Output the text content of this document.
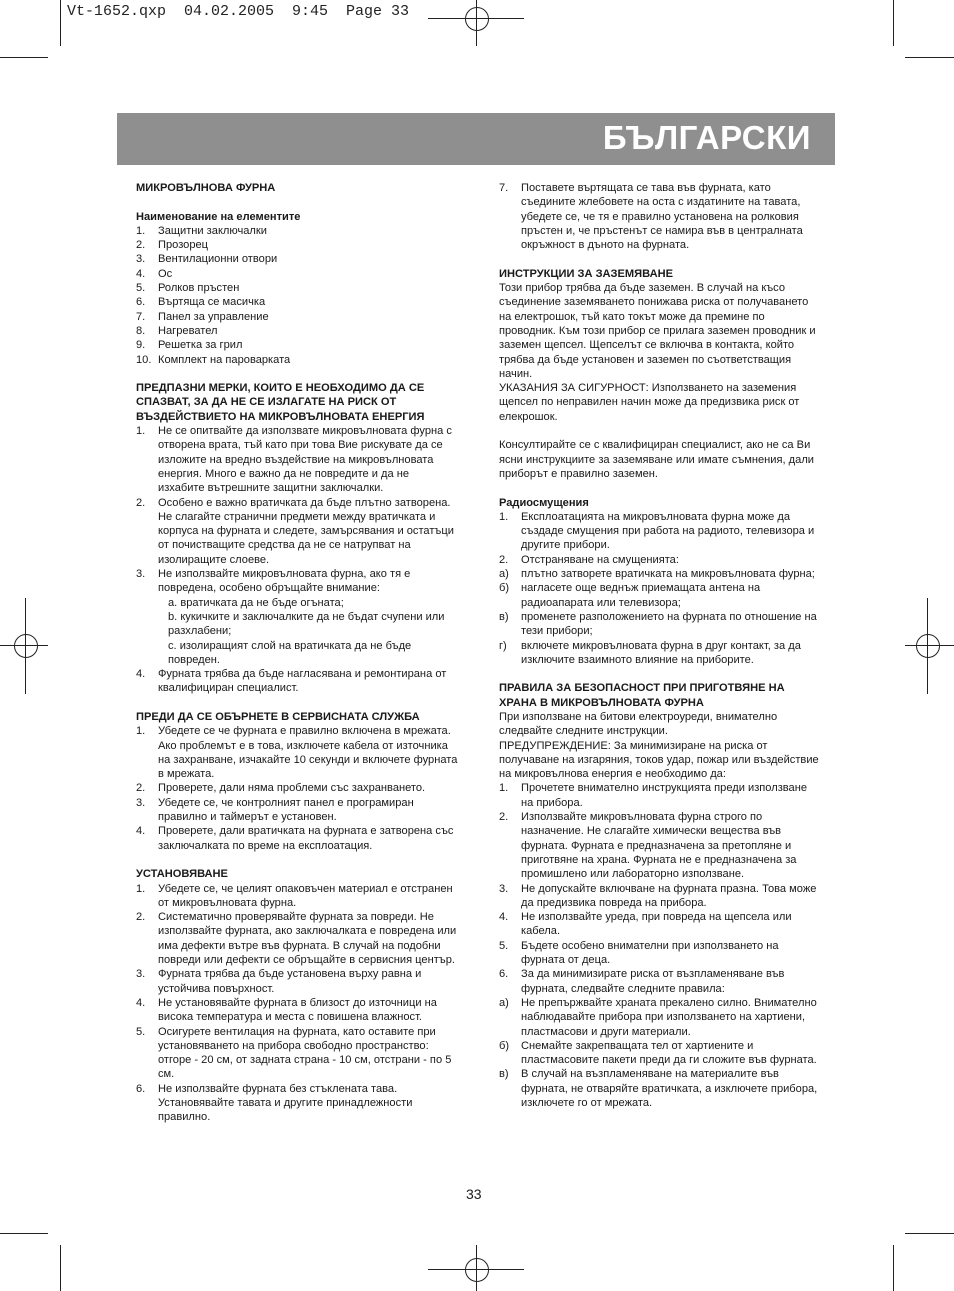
Vt-1652.qxp  04.02.2005  9:45  Page 33
БЪЛГАРСКИ
МИКРОВЪЛНОВА ФУРНА
Наименование на елементите
1.	Защитни заключалки
2.	Прозорец
3.	Вентилационни отвори
4.	Ос
5.	Ролков пръстен
6.	Въртяща се масичка
7.	Панел за управление
8.	Нагревател
9.	Решетка за грил
10. Комплект на пароварката
ПРЕДПАЗНИ МЕРКИ, КОИТО Е НЕОБХОДИМО ДА СЕ СПАЗВАТ, ЗА ДА НЕ СЕ ИЗЛАГАТЕ НА РИСК ОТ ВЪЗДЕЙСТВИЕТО НА МИКРОВЪЛНОВАТА ЕНЕРГИЯ
1.	Не се опитвайте да използвате микровълновата фурна с отворена врата, тъй като при това Вие рискувате да се изложите на вредно въздействие на микровълновата енергия. Много е важно да не повредите и да не изхабите вътрешните защитни заключалки.
2.	Особено е важно вратичката да бъде плътно затворена. Не слагайте странични предмети между вратичката и корпуса на фурната и следете, замърсявания и остатъци от почистващите средства да не се натрупват на изолиращите слоеве.
3.	Не използвайте микровълновата фурна, ако тя е повредена, особено обръщайте внимание:
a. вратичката да не бъде огъната;
b. кукичките и заключалките да не бъдат счупени или разхлабени;
c. изолиращият слой на вратичката да не бъде повреден.
4.	Фурната трябва да бъде нагласявана и ремонтирана от квалифициран специалист.
ПРЕДИ ДА СЕ ОБЪРНЕТЕ В СЕРВИСНАТА СЛУЖБА
1.	Убедете се че фурната е правилно включена в мрежата. Ако проблемът е в това, изключете кабела от източника на захранване, изчакайте 10 секунди и включете фурната в мрежата.
2.	Проверете, дали няма проблеми със захранването.
3.	Убедете се, че контролният панел е програмиран правилно и таймерът е установен.
4.	Проверете, дали вратичката на фурната е затворена със заключалката по време на експлоатация.
УСТАНОВЯВАНЕ
1.	Убедете се, че целият опаковъчен материал е отстранен от микровълновата фурна.
2.	Систематично проверявайте фурната за повреди. Не използвайте фурната, ако заключалката е повредена или има дефекти вътре във фурната. В случай на подобни повреди или дефекти се обръщайте в сервисния център.
3.	Фурната трябва да бъде установена върху равна и устойчива повърхност.
4.	Не установявайте фурната в близост до източници на висока температура и места с повишена влажност.
5.	Осигурете вентилация на фурната, като оставите при установяването на прибора свободно пространство: отгоре - 20 см, от задната страна - 10 см, отстрани - по 5 см.
6.	Не използвайте фурната без стъклената тава. Установявайте тавата и другите принадлежности правилно.
7.	Поставете въртящата се тава във фурната, като съедините жлебовете на оста с издатините на тавата, убедете се, че тя е правилно установена на ролковия пръстен и, че пръстенът се намира във в централната окръжност в дъното на фурната.
ИНСТРУКЦИИ ЗА ЗАЗЕМЯВАНЕ
Този прибор трябва да бъде заземен. В случай на късо съединение заземяването понижава риска от получаването на електрошок, тъй като токът може да премине по проводник. Към този прибор се прилага заземен проводник и заземен щепсел. Щепселът се включва в контакта, който трябва да бъде установен и заземен по съответстващия начин.
УКАЗАНИЯ ЗА СИГУРНОСТ: Използването на заземения щепсел по неправилен начин може да предизвика риск от елекрошок.
Консултирайте се с квалифициран специалист, ако не са Ви ясни инструкциите за заземяване или имате съмнения, дали приборът е правилно заземен.
Радиосмущения
1.	Експлоатацията на микровълновата фурна може да създаде смущения при работа на радиото, телевизора и другите прибори.
2.	Отстраняване на смущенията:
а)	плътно затворете вратичката на микровълновата фурна;
б)	нагласете още веднъж приемащата антена на радиоапарата или телевизора;
в)	променете разположението на фурната по отношение на тези прибори;
г)	включете микровълновата фурна в друг контакт, за да изключите взаимното влияние на приборите.
ПРАВИЛА ЗА БЕЗОПАСНОСТ ПРИ ПРИГОТВЯНЕ НА ХРАНА В МИКРОВЪЛНОВАТА ФУРНА
При използване на битови електроуреди, внимателно следвайте следните инструкции.
ПРЕДУПРЕЖДЕНИЕ: За минимизиране на риска от получаване на изгаряния, токов удар, пожар или въздействие на микровълнова енергия е необходимо да:
1.	Прочетете внимателно инструкцията преди използване на прибора.
2.	Използвайте микровълновата фурна строго по назначение. Не слагайте химически вещества във фурната. Фурната е предназначена за претопляне и приготвяне на храна. Фурната не е предназначена за промишлено или лабораторно използване.
3.	Не допускайте включване на фурната празна. Това може да предизвика повреда на прибора.
4.	Не използвайте уреда, при повреда на щепсела или кабела.
5.	Бъдете особено внимателни при използването на фурната от деца.
6.	За да минимизирате риска от възпламеняване във фурната, следвайте следните правила:
а)	Не препържвайте храната прекалено силно. Внимателно наблюдавайте прибора при използването на хартиени, пластмасови и други материали.
б)	Снемайте закрепващата тел от хартиените и пластмасовите пакети преди да ги сложите във фурната.
в)	В случай на възпламеняване на материалите във фурната, не отваряйте вратичката, а изключете прибора, изключете го от мрежата.
33
